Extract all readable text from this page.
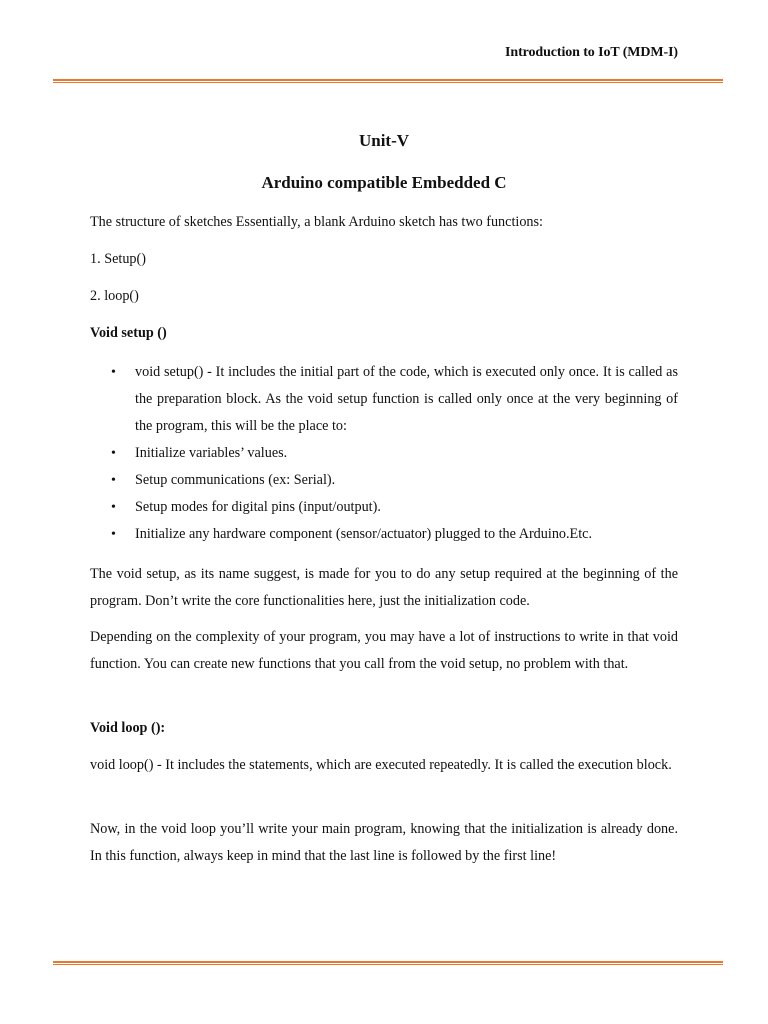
Introduction to IoT (MDM-I)
Unit-V
Arduino compatible Embedded C

The structure of sketches Essentially, a blank Arduino sketch has two functions:

1. Setup()

2. loop()

Void setup ()

• void setup() - It includes the initial part of the code, which is executed only once. It is called as the preparation block. As the void setup function is called only once at the very beginning of the program, this will be the place to:
• Initialize variables’ values.
• Setup communications (ex: Serial).
• Setup modes for digital pins (input/output).
• Initialize any hardware component (sensor/actuator) plugged to the Arduino.Etc.

The void setup, as its name suggest, is made for you to do any setup required at the beginning of the program. Don’t write the core functionalities here, just the initialization code.

Depending on the complexity of your program, you may have a lot of instructions to write in that void function. You can create new functions that you call from the void setup, no problem with that.

Void loop ():

void loop() - It includes the statements, which are executed repeatedly. It is called the execution block.

Now, in the void loop you’ll write your main program, knowing that the initialization is already done. In this function, always keep in mind that the last line is followed by the first line!
